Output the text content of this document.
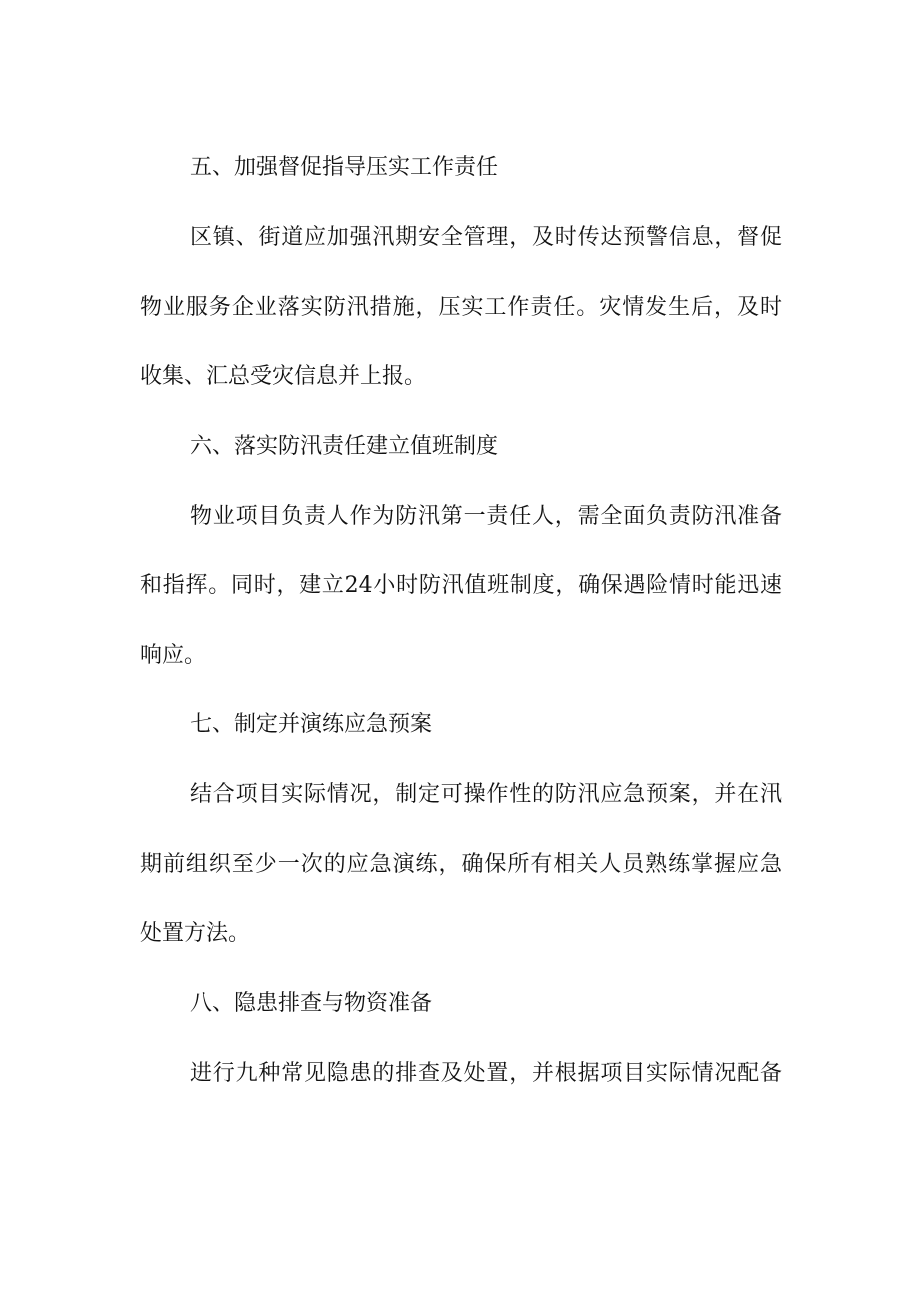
五、加强督促指导压实工作责任
区镇、街道应加强汛期安全管理，及时传达预警信息，督促
物业服务企业落实防汛措施，压实工作责任。灾情发生后，及时
收集、汇总受灾信息并上报。
六、落实防汛责任建立值班制度
物业项目负责人作为防汛第一责任人，需全面负责防汛准备
和指挥。同时，建立24小时防汛值班制度，确保遇险情时能迅速
响应。
七、制定并演练应急预案
结合项目实际情况，制定可操作性的防汛应急预案，并在汛
期前组织至少一次的应急演练，确保所有相关人员熟练掌握应急
处置方法。
八、隐患排查与物资准备
进行九种常见隐患的排查及处置，并根据项目实际情况配备
